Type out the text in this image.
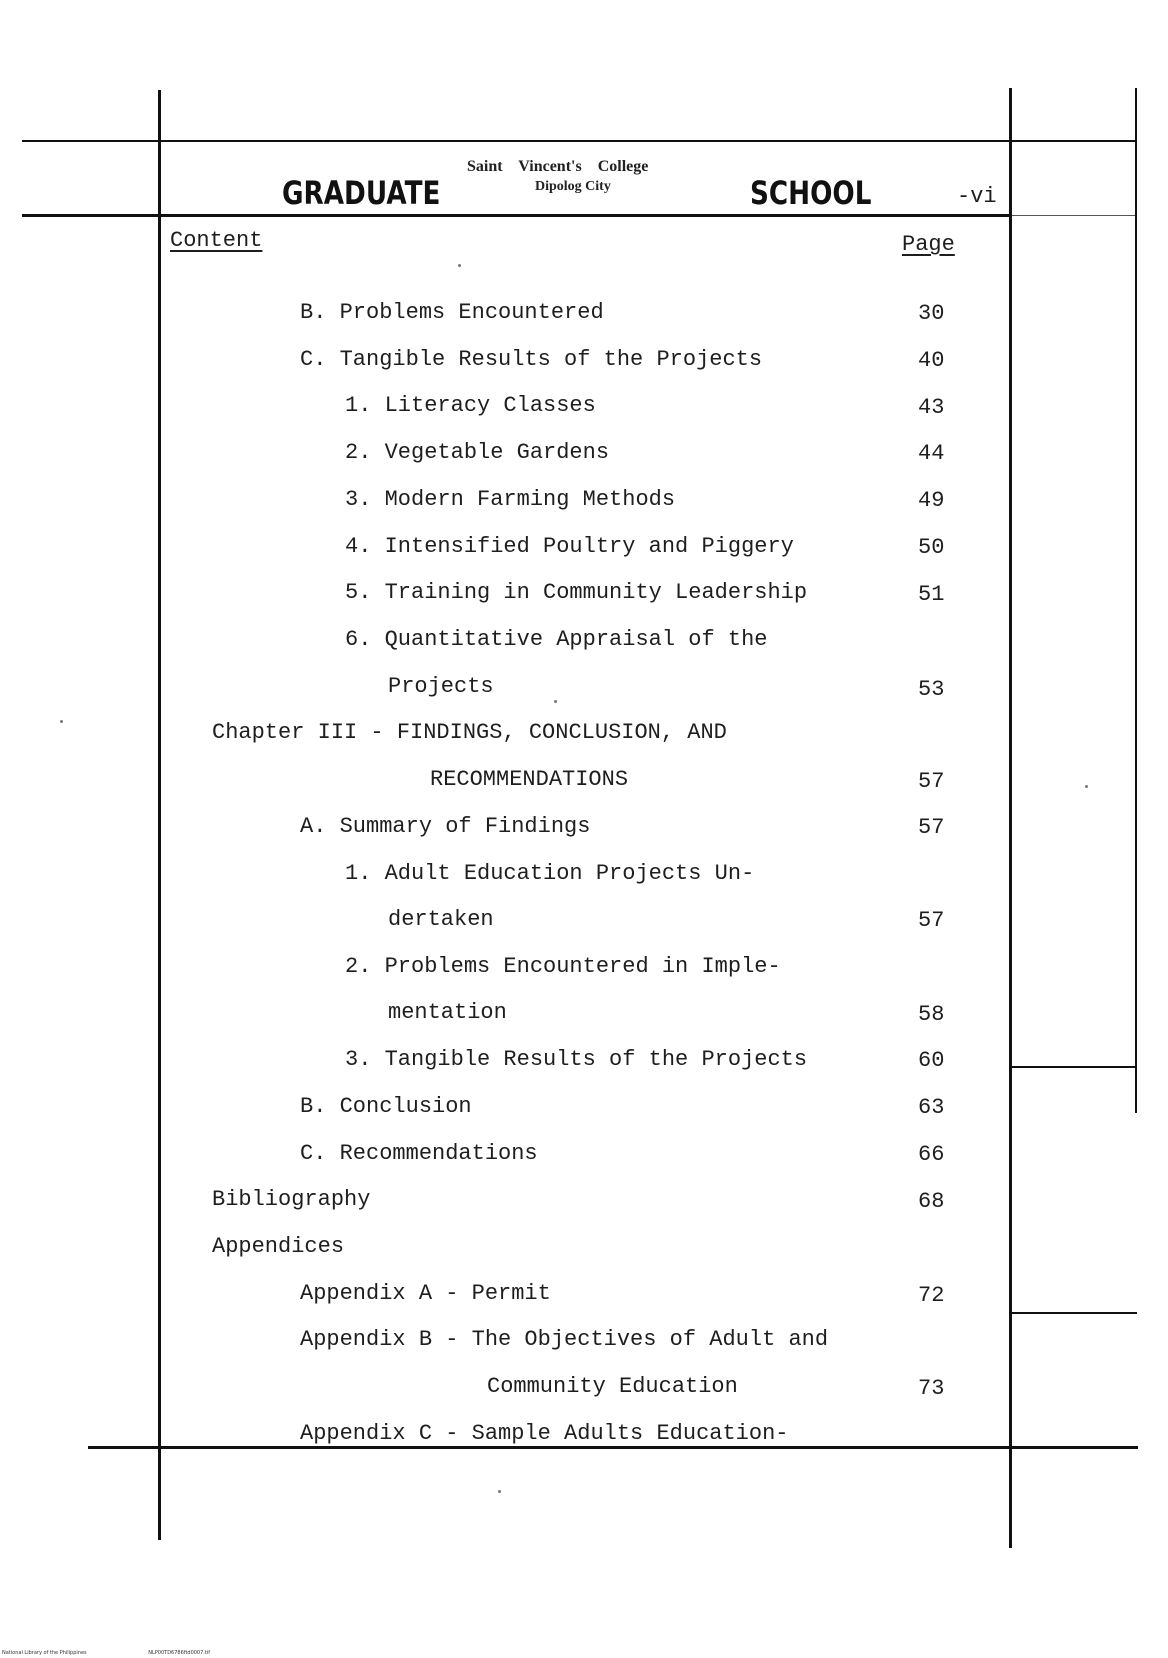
GRADUATE
Saint Vincent's College
Dipolog City	SCHOOL	-vi
Content	Page
B. Problems Encountered	30
C. Tangible Results of the Projects	40
1. Literacy Classes	43
2. Vegetable Gardens	44
3. Modern Farming Methods	49
4. Intensified Poultry and Piggery	50
5. Training in Community Leadership	51
6. Quantitative Appraisal of the
Projects	53
Chapter III - FINDINGS, CONCLUSION, AND
RECOMMENDATIONS	57
A. Summary of Findings	57
1. Adult Education Projects Un-
dertaken	57
2. Problems Encountered in Imple-
mentation	58
3. Tangible Results of the Projects	60
B. Conclusion	63
C. Recommendations	66
Bibliography	68
Appendices
Appendix A - Permit	72
Appendix B - The Objectives of Adult and
Community Education	73
Appendix C - Sample Adults Education-
National Library of the Philippines	NLP00TD6786ftd0007.tif
